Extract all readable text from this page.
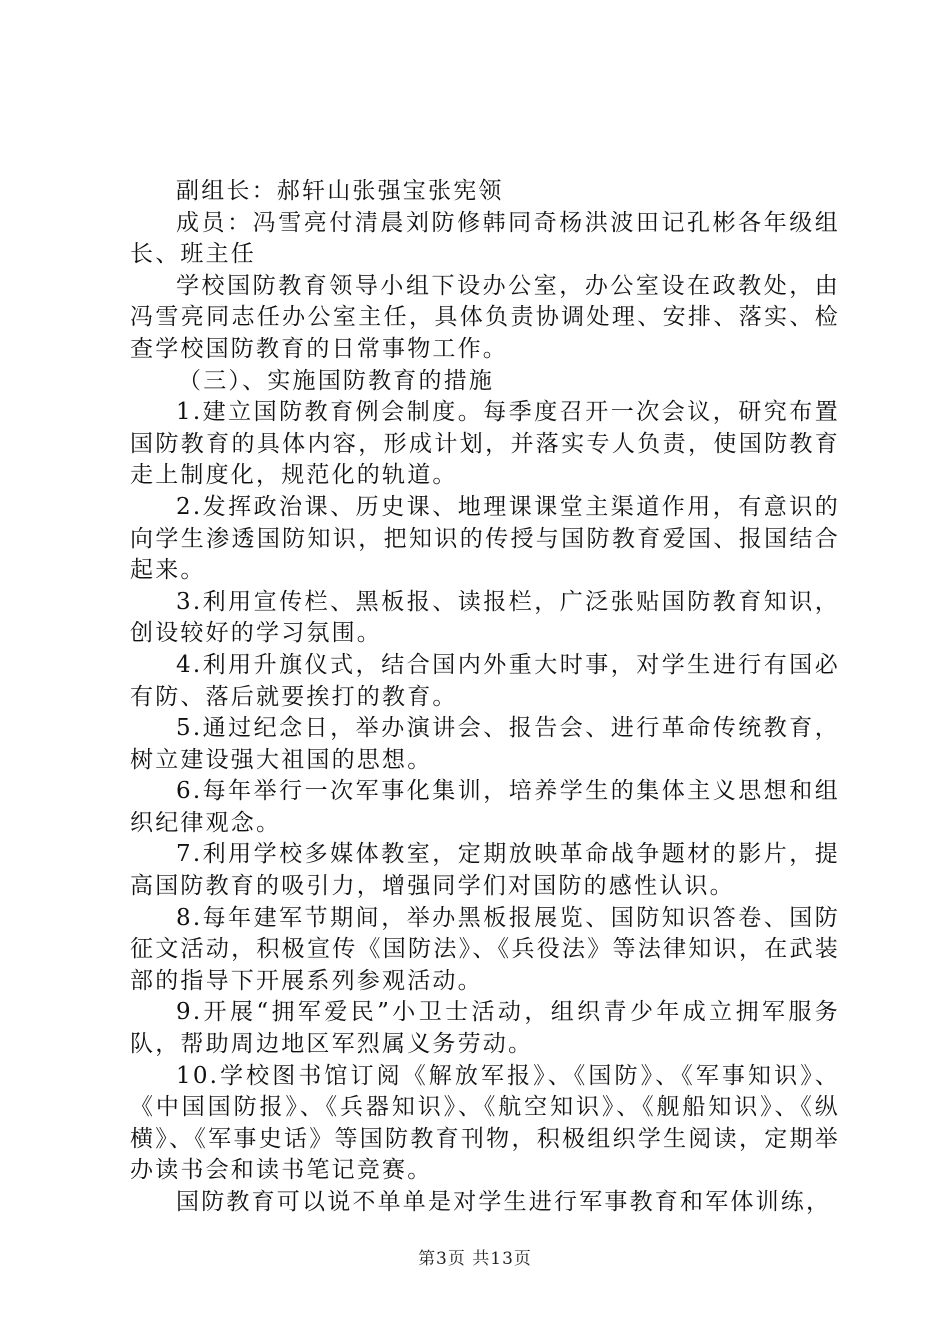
副组长：郝轩山张强宝张宪领

成员：冯雪亮付清晨刘防修韩同奇杨洪波田记孔彬各年级组长、班主任

学校国防教育领导小组下设办公室，办公室设在政教处，由冯雪亮同志任办公室主任，具体负责协调处理、安排、落实、检查学校国防教育的日常事物工作。

（三）、实施国防教育的措施

1.建立国防教育例会制度。每季度召开一次会议，研究布置国防教育的具体内容，形成计划，并落实专人负责，使国防教育走上制度化，规范化的轨道。

2.发挥政治课、历史课、地理课课堂主渠道作用，有意识的向学生渗透国防知识，把知识的传授与国防教育爱国、报国结合起来。

3.利用宣传栏、黑板报、读报栏，广泛张贴国防教育知识，创设较好的学习氛围。

4.利用升旗仪式，结合国内外重大时事，对学生进行有国必有防、落后就要挨打的教育。

5.通过纪念日，举办演讲会、报告会、进行革命传统教育，树立建设强大祖国的思想。

6.每年举行一次军事化集训，培养学生的集体主义思想和组织纪律观念。

7.利用学校多媒体教室，定期放映革命战争题材的影片，提高国防教育的吸引力，增强同学们对国防的感性认识。

8.每年建军节期间，举办黑板报展览、国防知识答卷、国防征文活动，积极宣传《国防法》、《兵役法》等法律知识，在武装部的指导下开展系列参观活动。

9.开展“拥军爱民”小卫士活动，组织青少年成立拥军服务队，帮助周边地区军烈属义务劳动。

10.学校图书馆订阅《解放军报》、《国防》、《军事知识》、《中国国防报》、《兵器知识》、《航空知识》、《舰船知识》、《纵横》、《军事史话》等国防教育刊物，积极组织学生阅读，定期举办读书会和读书笔记竞赛。

国防教育可以说不单单是对学生进行军事教育和军体训练，

第3页 共13页
